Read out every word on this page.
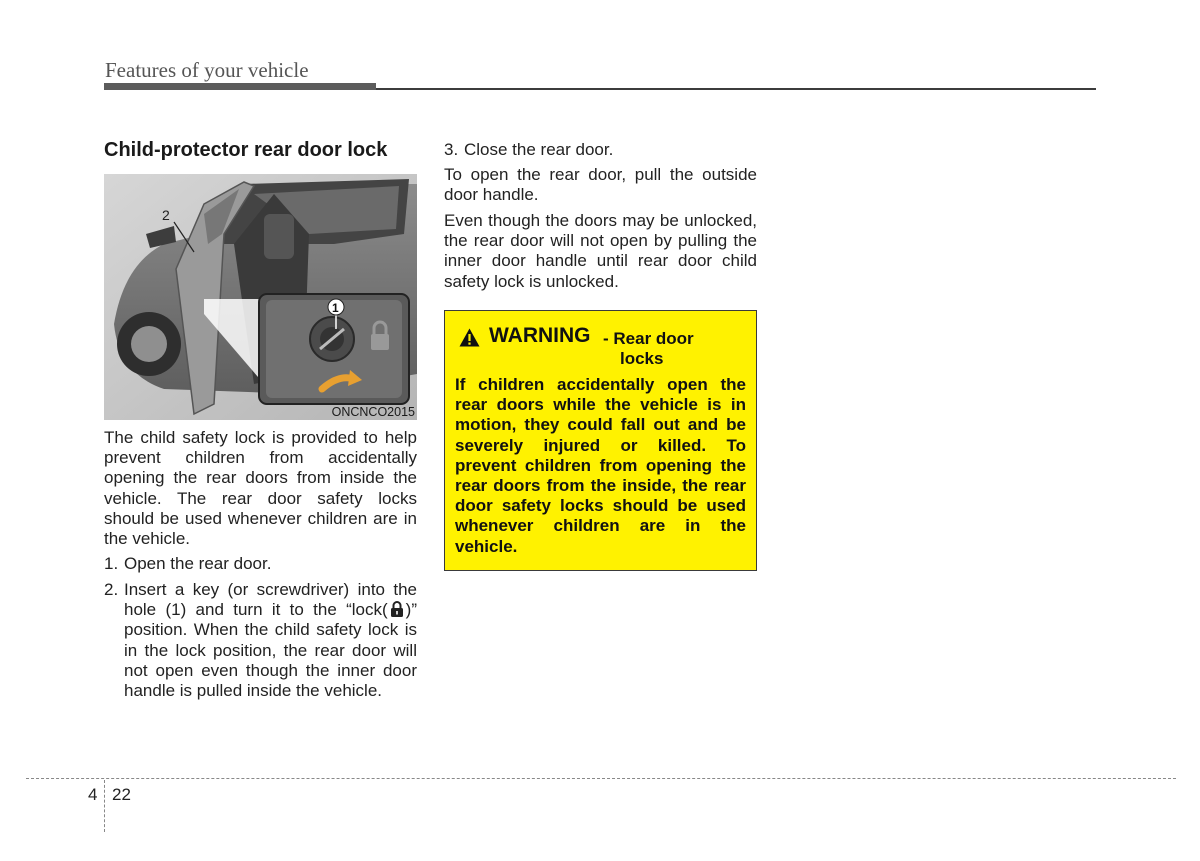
Features of your vehicle
Child-protector rear door lock
2
1
ONCNCO2015
The child safety lock is provided to help prevent children from accidentally opening the rear doors from inside the vehicle. The rear door safety locks should be used whenever children are in the vehicle.
1. Open the rear door.
2. Insert a key (or screwdriver) into the hole (1) and turn it to the “lock( )” position. When the child safety lock is in the lock position, the rear door will not open even though the inner door handle is pulled inside the vehicle.
3. Close the rear door.
To open the rear door, pull the outside door handle.
Even though the doors may be unlocked, the rear door will not open by pulling the inner door handle until rear door child safety lock is unlocked.
WARNING - Rear door
locks
If children accidentally open the rear doors while the vehicle is in motion, they could fall out and be severely injured or killed. To prevent children from opening the rear doors from the inside, the rear door safety locks should be used whenever children are in the vehicle.
4 22
